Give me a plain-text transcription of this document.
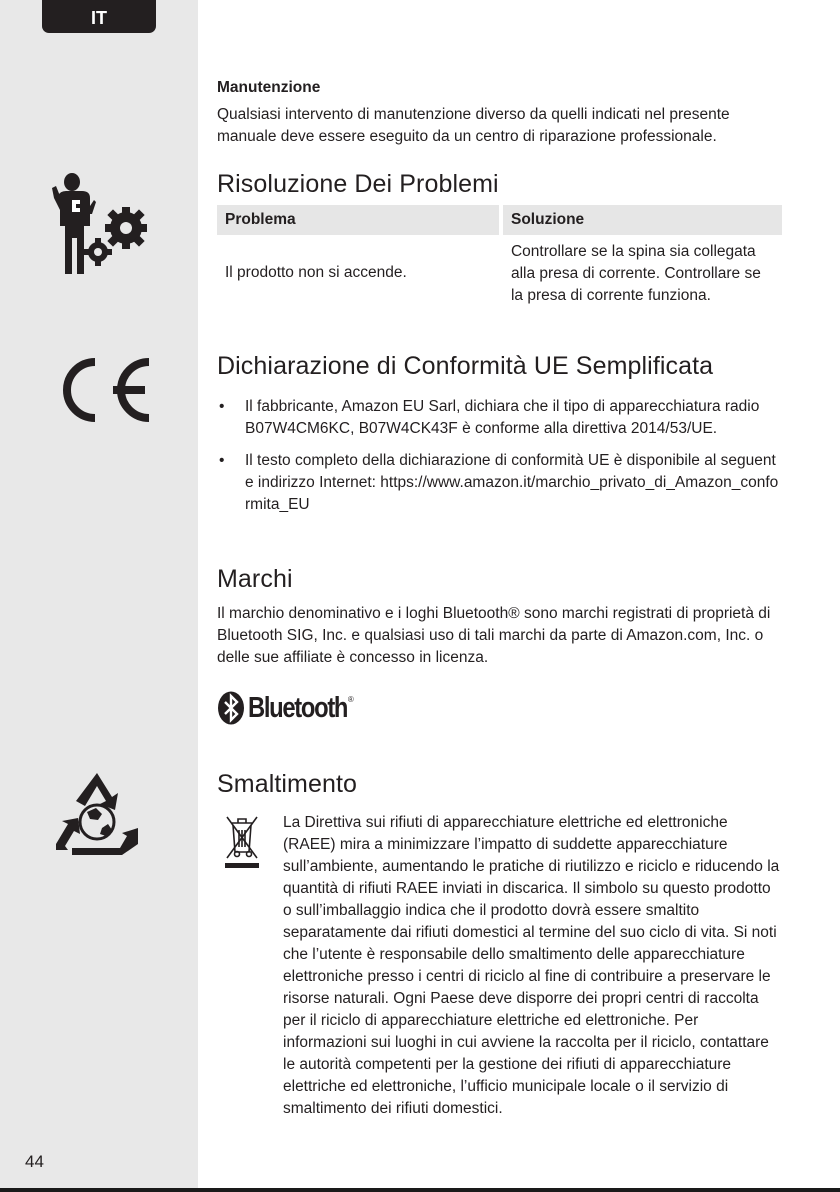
IT
44
Manutenzione

Qualsiasi intervento di manutenzione diverso da quelli indicati nel presente manuale deve essere eseguito da un centro di riparazione professionale.

Risoluzione Dei Problemi
Problema	Soluzione
Il prodotto non si accende.	Controllare se la spina sia collegata alla presa di corrente. Controllare se la presa di corrente funziona.
Dichiarazione di Conformità UE Semplificata
• Il fabbricante, Amazon EU Sarl, dichiara che il tipo di apparecchiatura radio B07W4CM6KC, B07W4CK43F è conforme alla direttiva 2014/53/UE.
• Il testo completo della dichiarazione di conformità UE è disponibile al seguente indirizzo Internet: https://www.amazon.it/marchio_privato_di_Amazon_conformita_EU
Marchi

Il marchio denominativo e i loghi Bluetooth® sono marchi registrati di proprietà di Bluetooth SIG, Inc. e qualsiasi uso di tali marchi da parte di Amazon.com, Inc. o delle sue affiliate è concesso in licenza.

Bluetooth ®
Smaltimento

La Direttiva sui rifiuti di apparecchiature elettriche ed elettroniche (RAEE) mira a minimizzare l’impatto di suddette apparecchiature sull’ambiente, aumentando le pratiche di riutilizzo e riciclo e riducendo la quantità di rifiuti RAEE inviati in discarica. Il simbolo su questo prodotto o sull’imballaggio indica che il prodotto dovrà essere smaltito separatamente dai rifiuti domestici al termine del suo ciclo di vita. Si noti che l’utente è responsabile dello smaltimento delle apparecchiature elettroniche presso i centri di riciclo al fine di contribuire a preservare le risorse naturali. Ogni Paese deve disporre dei propri centri di raccolta per il riciclo di apparecchiature elettriche ed elettroniche. Per informazioni sui luoghi in cui avviene la raccolta per il riciclo, contattare le autorità competenti per la gestione dei rifiuti di apparecchiature elettriche ed elettroniche, l’ufficio municipale locale o il servizio di smaltimento dei rifiuti domestici.
